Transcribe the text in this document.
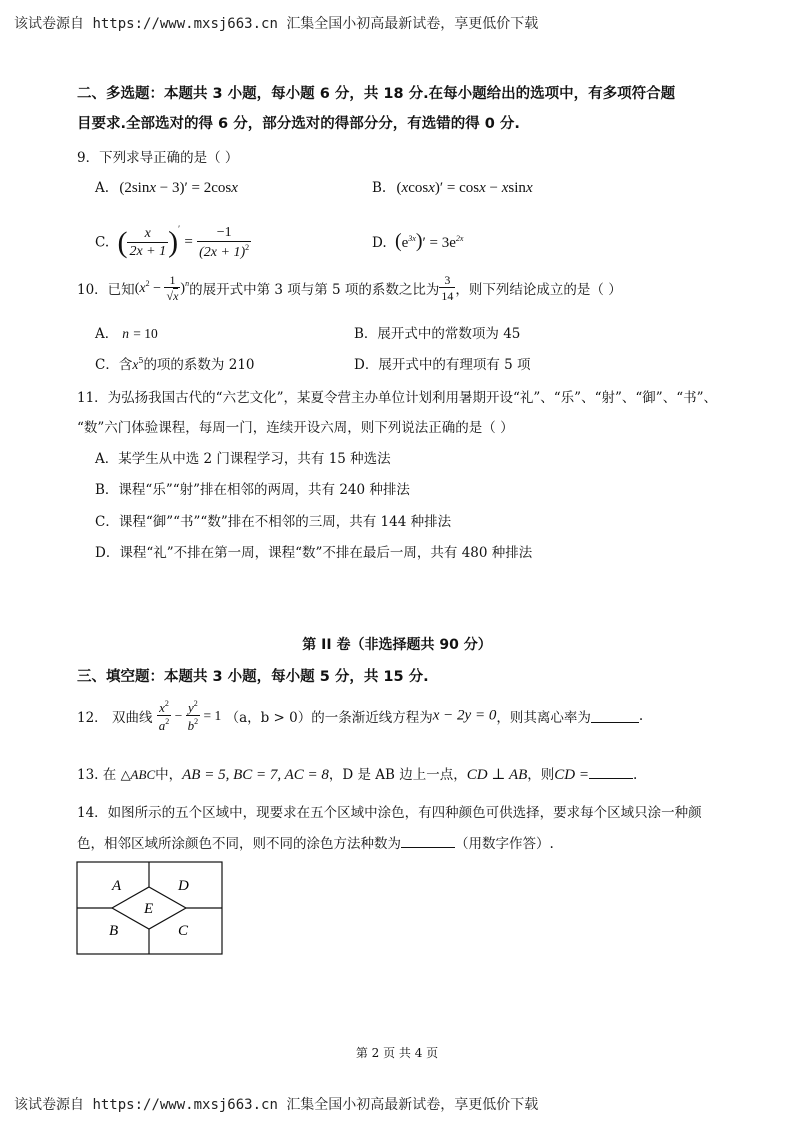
该试卷源自 https://www.mxsj663.cn 汇集全国小初高最新试卷，享更低价下载
二、多选题：本题共 3 小题，每小题 6 分，共 18 分.在每小题给出的选项中，有多项符合题
目要求.全部选对的得 6 分，部分选对的得部分分，有选错的得 0 分.
9．下列求导正确的是（ ）
A. (2sinx − 3)′ = 2cosx	B. (xcosx)′ = cosx − xsinx
C. ( $\frac{x}{2x + 1} )' = \frac{-1}{(2x + 1)^2}$	D. $(e^{3x})' = 3e^{2x}$
10．已知$(x^2 - \frac{1}{√x} )^n$的展开式中第 3 项与第 5 项的系数之比为 $\frac{3}{14}$ ，则下列结论成立的是（ ）
A． n = 10	B．展开式中的常数项为 45
C．含$x^5$的项的系数为 210	D．展开式中的有理项有 5 项
11．为弘扬我国古代的“六艺文化”，某夏令营主办单位计划利用暑期开设“礼”、“乐”、“射”、“御”、“书”、
“数”六门体验课程，每周一门，连续开设六周，则下列说法正确的是（ ）
A．某学生从中选 2 门课程学习，共有 15 种选法
B．课程“乐”“射”排在相邻的两周，共有 240 种排法
C．课程“御”“书”“数”排在不相邻的三周，共有 144 种排法
D．课程“礼”不排在第一周，课程“数”不排在最后一周，共有 480 种排法
第 II 卷（非选择题共 90 分）
三、填空题：本题共 3 小题，每小题 5 分，共 15 分.
12． 双曲线 $\frac{x^2}{a^2} - \frac{y^2}{b^2} = 1$ （a，b > 0）的一条渐近线方程为x − 2y = 0，则其离心率为	.
13. 在 △ABC中，AB = 5, BC = 7, AC = 8，D 是 AB 边上一点，CD ⊥ AB，则CD =	.
14．如图所示的五个区域中，现要求在五个区域中涂色，有四种颜色可供选择，要求每个区域只涂一种颜
色，相邻区域所涂颜色不同，则不同的涂色方法种数为	（用数字作答）.
A	D
E
B	C
第 2 页 共 4 页
该试卷源自 https://www.mxsj663.cn 汇集全国小初高最新试卷，享更低价下载
